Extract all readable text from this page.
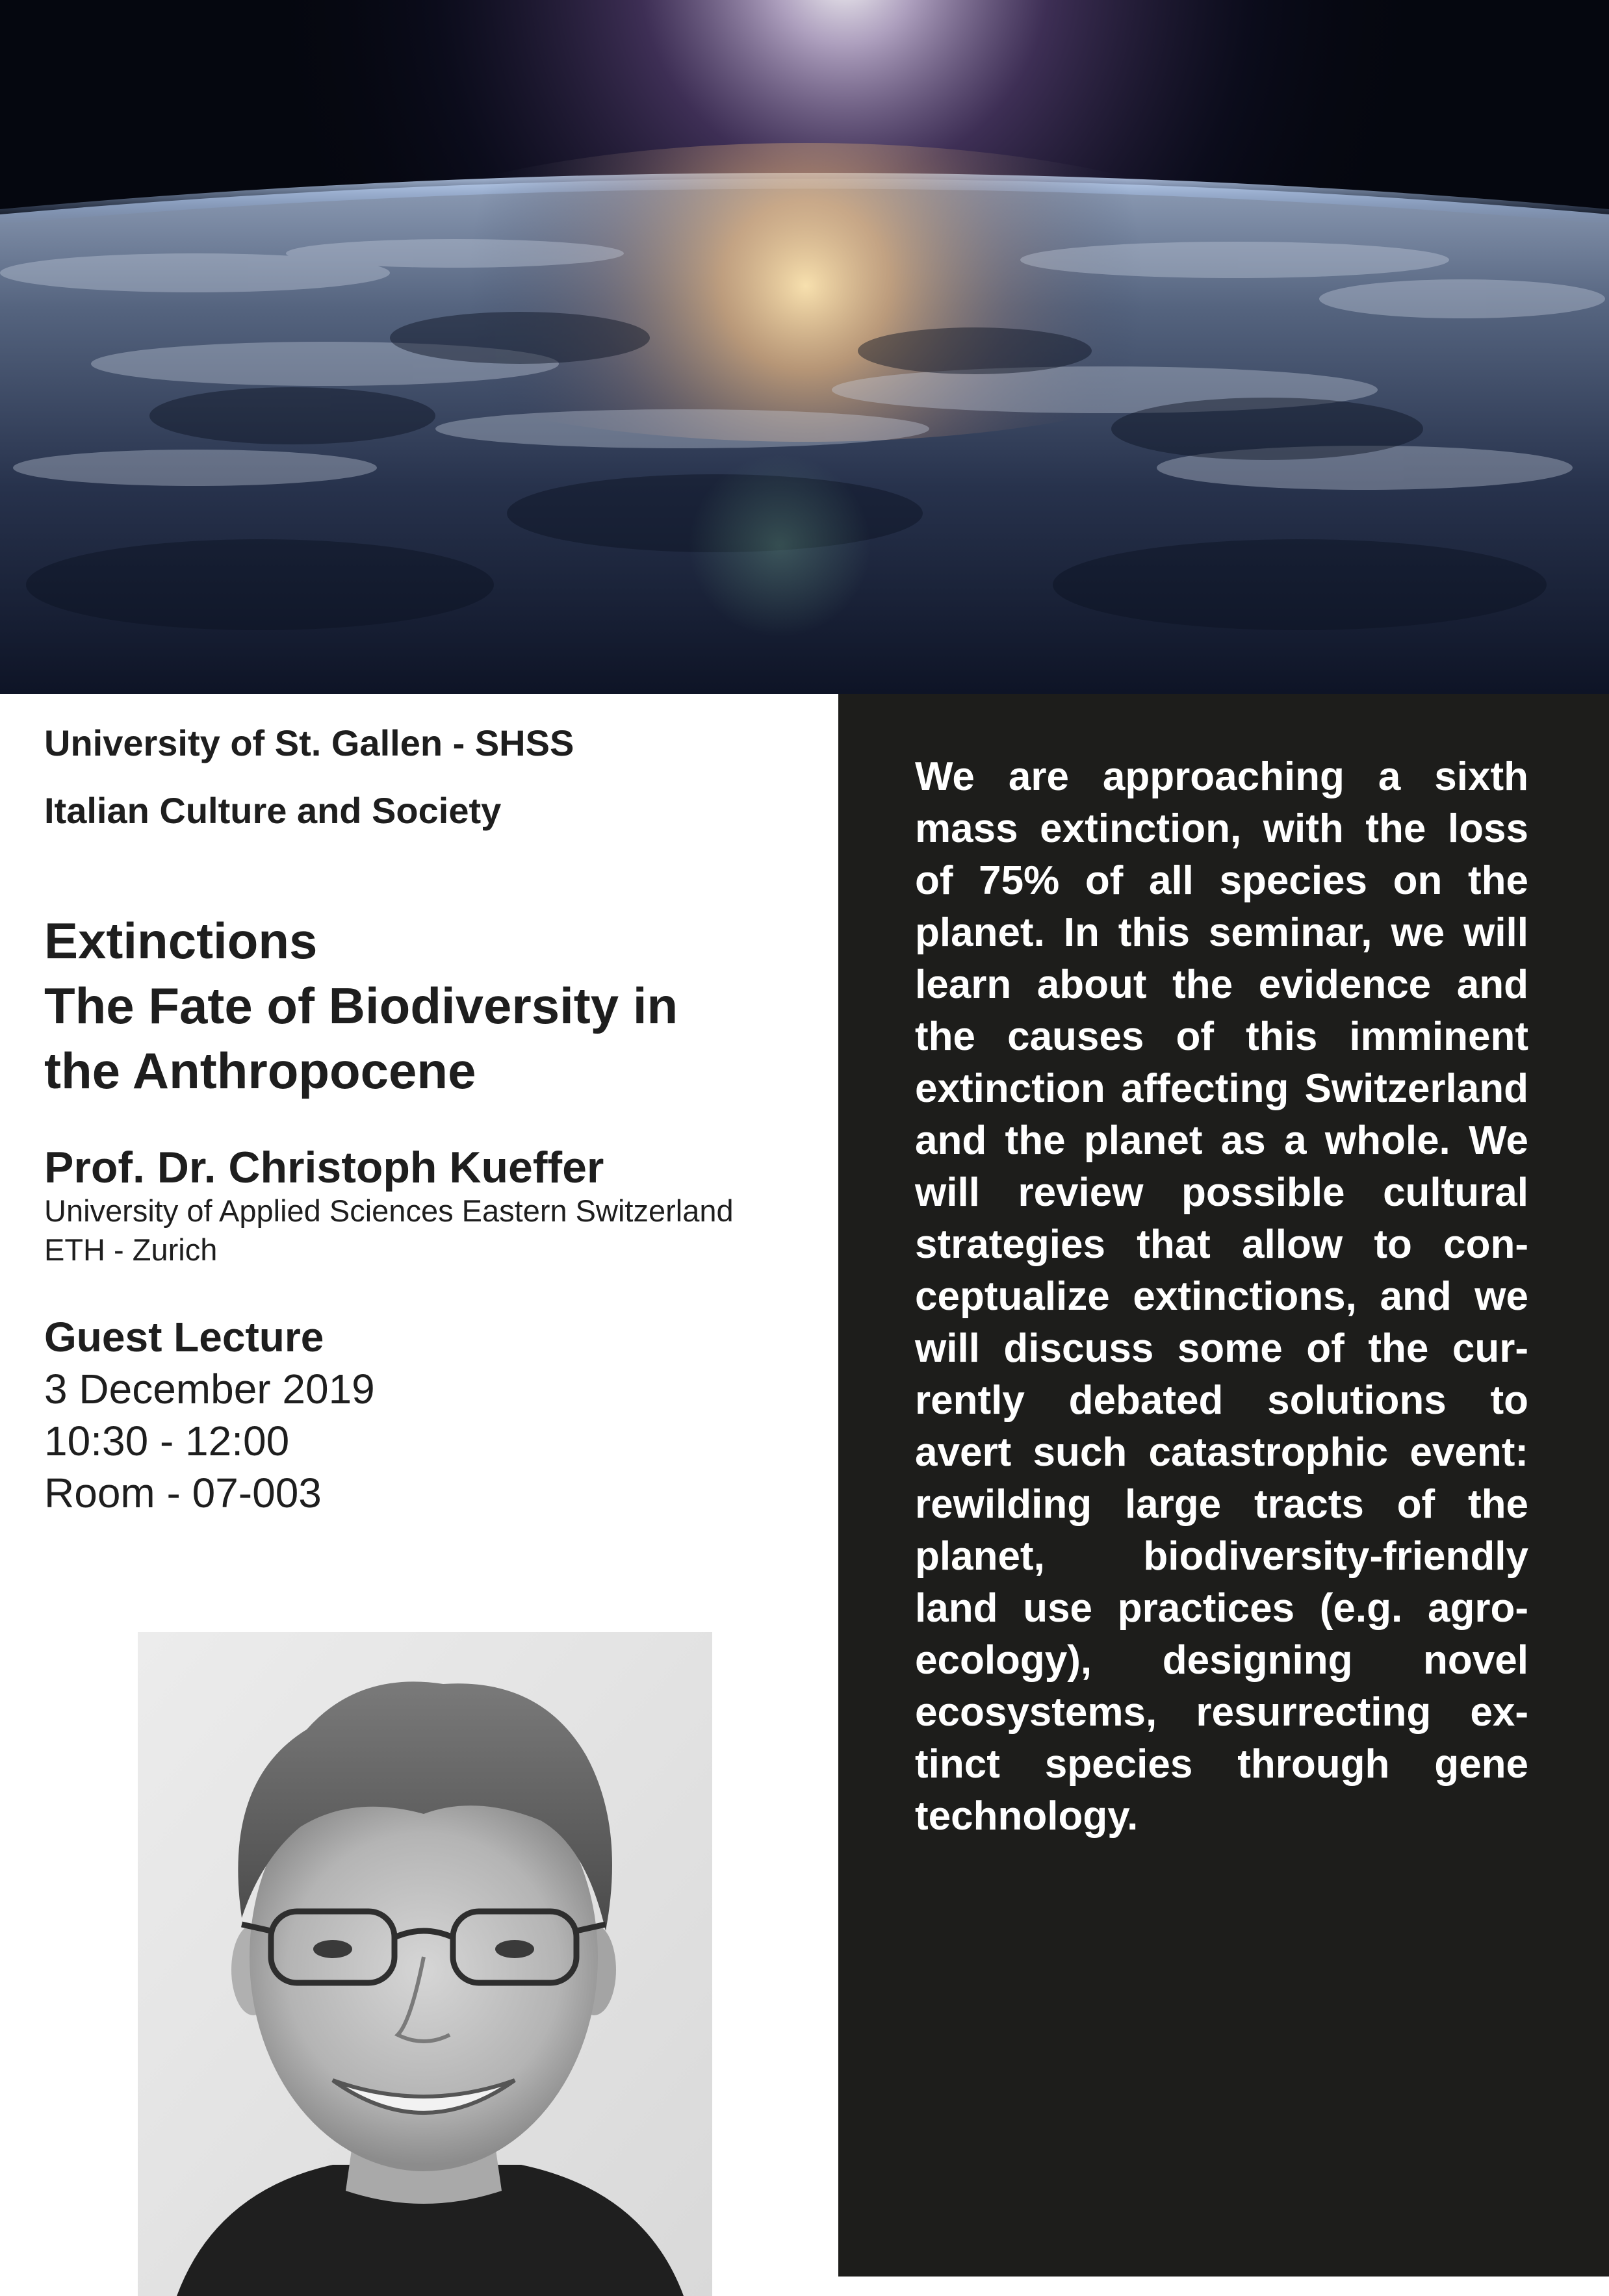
University of St. Gallen - SHSS
Italian Culture and Society
Extinctions
The Fate of Biodiversity in
the Anthropocene
Prof. Dr. Christoph Kueffer
University of Applied Sciences Eastern Switzerland
ETH - Zurich
Guest Lecture
3 December 2019
10:30 - 12:00
Room - 07-003

We are approaching a sixth mass extinction, with the loss of 75% of all species on the planet. In this seminar, we will learn about the evidence and the causes of this imminent extinction affecting Switzerland and the planet as a whole. We will review possible cultural strategies that allow to conceptualize extinctions, and we will discuss some of the currently debated solutions to avert such catastrophic event: rewilding large tracts of the planet, biodiversity-friendly land use practices (e.g. agroecology), designing novel ecosystems, resurrecting extinct species through gene technology.
